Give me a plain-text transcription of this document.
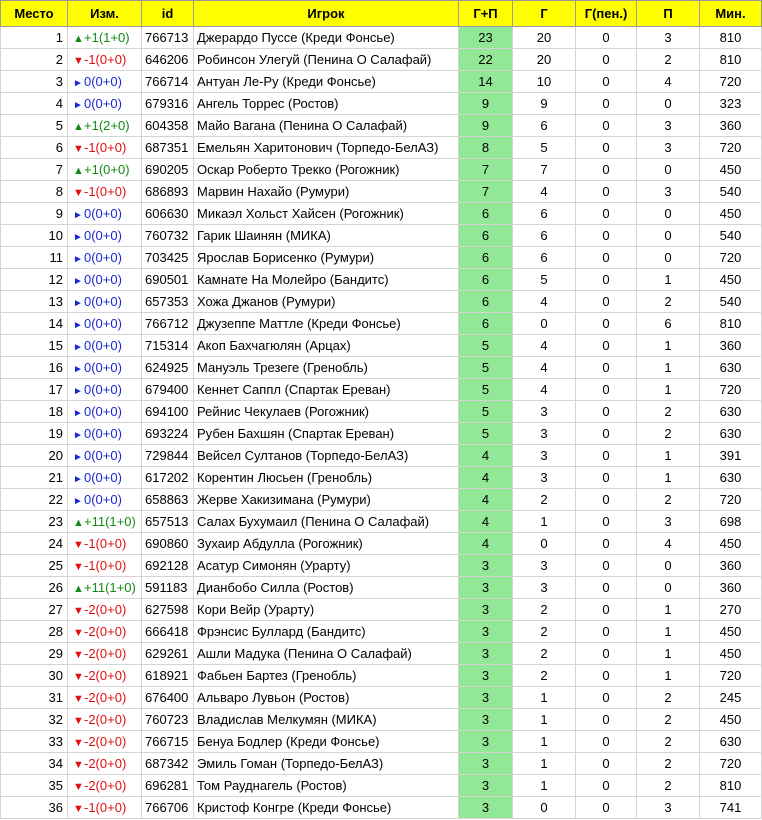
Место	Изм.	id	Игрок	Г+П	Г	Г(пен.)	П	Мин.
1	▲+1(1+0)	766713	Джерардо Пуссе (Креди Фонсье)	23	20	0	3	810
2	▼-1(0+0)	646206	Робинсон Улегуй (Пенина О Салафай)	22	20	0	2	810
3	►0(0+0)	766714	Антуан Ле-Ру (Креди Фонсье)	14	10	0	4	720
4	►0(0+0)	679316	Ангель Торрес (Ростов)	9	9	0	0	323
5	▲+1(2+0)	604358	Майо Вагана (Пенина О Салафай)	9	6	0	3	360
6	▼-1(0+0)	687351	Емельян Харитонович (Торпедо-БелАЗ)	8	5	0	3	720
7	▲+1(0+0)	690205	Оскар Роберто Трекко (Рогожник)	7	7	0	0	450
8	▼-1(0+0)	686893	Марвин Нахайо (Румури)	7	4	0	3	540
9	►0(0+0)	606630	Микаэл Хольст Хайсен (Рогожник)	6	6	0	0	450
10	►0(0+0)	760732	Гарик Шаинян (МИКА)	6	6	0	0	540
11	►0(0+0)	703425	Ярослав Борисенко (Румури)	6	6	0	0	720
12	►0(0+0)	690501	Камнате На Молейро (Бандитс)	6	5	0	1	450
13	►0(0+0)	657353	Хожа Джанов (Румури)	6	4	0	2	540
14	►0(0+0)	766712	Джузеппе Маттле (Креди Фонсье)	6	0	0	6	810
15	►0(0+0)	715314	Акоп Бахчагюлян (Арцах)	5	4	0	1	360
16	►0(0+0)	624925	Мануэль Трезеге (Гренобль)	5	4	0	1	630
17	►0(0+0)	679400	Кеннет Саппл (Спартак Ереван)	5	4	0	1	720
18	►0(0+0)	694100	Рейнис Чекулаев (Рогожник)	5	3	0	2	630
19	►0(0+0)	693224	Рубен Бахшян (Спартак Ереван)	5	3	0	2	630
20	►0(0+0)	729844	Вейсел Султанов (Торпедо-БелАЗ)	4	3	0	1	391
21	►0(0+0)	617202	Корентин Люсьен (Гренобль)	4	3	0	1	630
22	►0(0+0)	658863	Жерве Хакизимана (Румури)	4	2	0	2	720
23	▲+11(1+0)	657513	Салах Бухумаил (Пенина О Салафай)	4	1	0	3	698
24	▼-1(0+0)	690860	Зухаир Абдулла (Рогожник)	4	0	0	4	450
25	▼-1(0+0)	692128	Асатур Симонян (Урарту)	3	3	0	0	360
26	▲+11(1+0)	591183	Дианбобо Силла (Ростов)	3	3	0	0	360
27	▼-2(0+0)	627598	Кори Вейр (Урарту)	3	2	0	1	270
28	▼-2(0+0)	666418	Фрэнсис Буллард (Бандитс)	3	2	0	1	450
29	▼-2(0+0)	629261	Ашли Мадука (Пенина О Салафай)	3	2	0	1	450
30	▼-2(0+0)	618921	Фабьен Бартез (Гренобль)	3	2	0	1	720
31	▼-2(0+0)	676400	Альваро Лувьон (Ростов)	3	1	0	2	245
32	▼-2(0+0)	760723	Владислав Мелкумян (МИКА)	3	1	0	2	450
33	▼-2(0+0)	766715	Бенуа Бодлер (Креди Фонсье)	3	1	0	2	630
34	▼-2(0+0)	687342	Эмиль Гоман (Торпедо-БелАЗ)	3	1	0	2	720
35	▼-2(0+0)	696281	Том Рауднагель (Ростов)	3	1	0	2	810
36	▼-1(0+0)	766706	Кристоф Конгре (Креди Фонсье)	3	0	0	3	741
